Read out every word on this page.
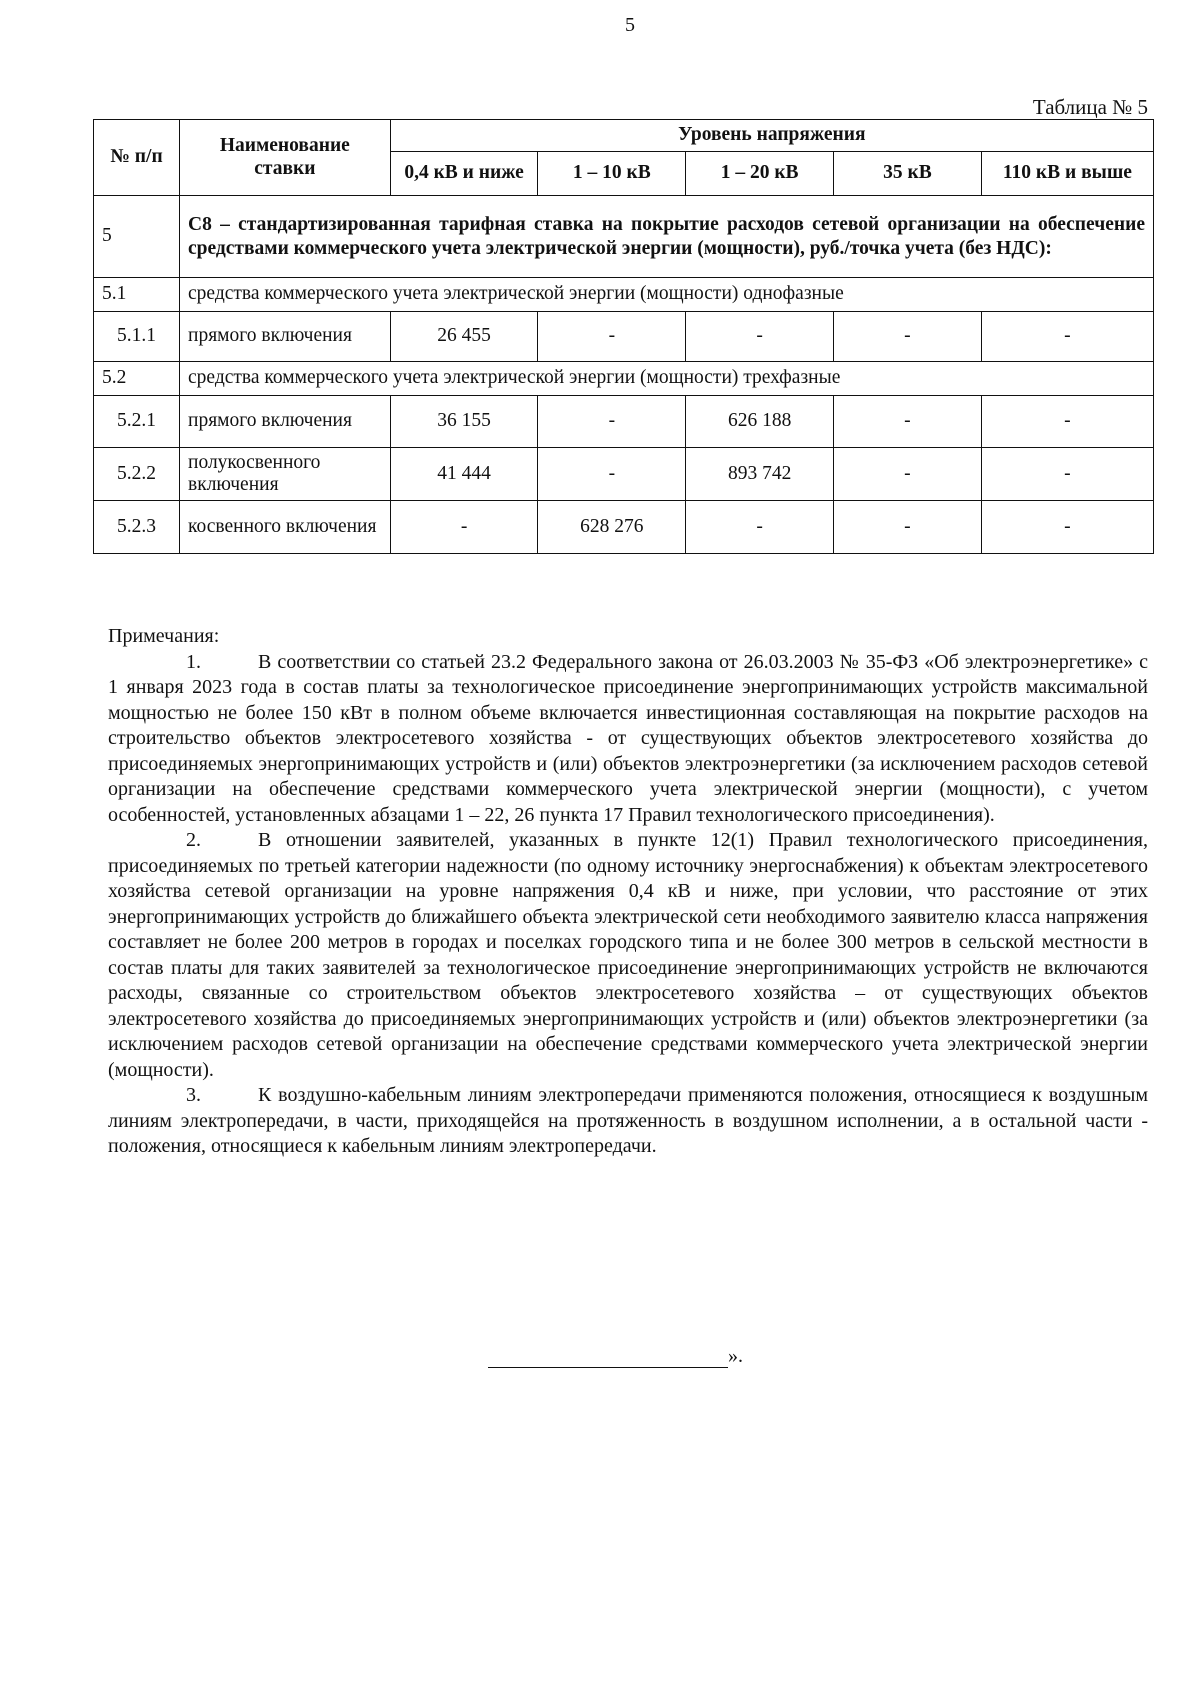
5
Таблица № 5
№ п/п	Наименование ставки	Уровень напряжения				
		0,4 кВ и ниже	1 – 10 кВ	1 – 20 кВ	35 кВ	110 кВ и выше
5	С8 – стандартизированная тарифная ставка на покрытие расходов сетевой организации на обеспечение средствами коммерческого учета электрической энергии (мощности), руб./точка учета (без НДС):					
5.1	средства коммерческого учета электрической энергии (мощности) однофазные					
5.1.1	прямого включения	26 455	-	-	-	-
5.2	средства коммерческого учета электрической энергии (мощности) трехфазные					
5.2.1	прямого включения	36 155	-	626 188	-	-
5.2.2	полукосвенного включения	41 444	-	893 742	-	-
5.2.3	косвенного включения	-	628 276	-	-	-

Примечания:

1.	В соответствии со статьей 23.2 Федерального закона от 26.03.2003 № 35-ФЗ «Об электроэнергетике» с 1 января 2023 года в состав платы за технологическое присоединение энергопринимающих устройств максимальной мощностью не более 150 кВт в полном объеме включается инвестиционная составляющая на покрытие расходов на строительство объектов электросетевого хозяйства - от существующих объектов электросетевого хозяйства до присоединяемых энергопринимающих устройств и (или) объектов электроэнергетики (за исключением расходов сетевой организации на обеспечение средствами коммерческого учета электрической энергии (мощности), с учетом особенностей, установленных абзацами 1 – 22, 26 пункта 17 Правил технологического присоединения).

2.	В отношении заявителей, указанных в пункте 12(1) Правил технологического присоединения, присоединяемых по третьей категории надежности (по одному источнику энергоснабжения) к объектам электросетевого хозяйства сетевой организации на уровне напряжения 0,4 кВ и ниже, при условии, что расстояние от этих энергопринимающих устройств до ближайшего объекта электрической сети необходимого заявителю класса напряжения составляет не более 200 метров в городах и поселках городского типа и не более 300 метров в сельской местности в состав платы для таких заявителей за технологическое присоединение энергопринимающих устройств не включаются расходы, связанные со строительством объектов электросетевого хозяйства – от существующих объектов электросетевого хозяйства до присоединяемых энергопринимающих устройств и (или) объектов электроэнергетики (за исключением расходов сетевой организации на обеспечение средствами коммерческого учета электрической энергии (мощности).

3.	К воздушно-кабельным линиям электропередачи применяются положения, относящиеся к воздушным линиям электропередачи, в части, приходящейся на протяженность в воздушном исполнении, а в остальной части - положения, относящиеся к кабельным линиям электропередачи.

».
